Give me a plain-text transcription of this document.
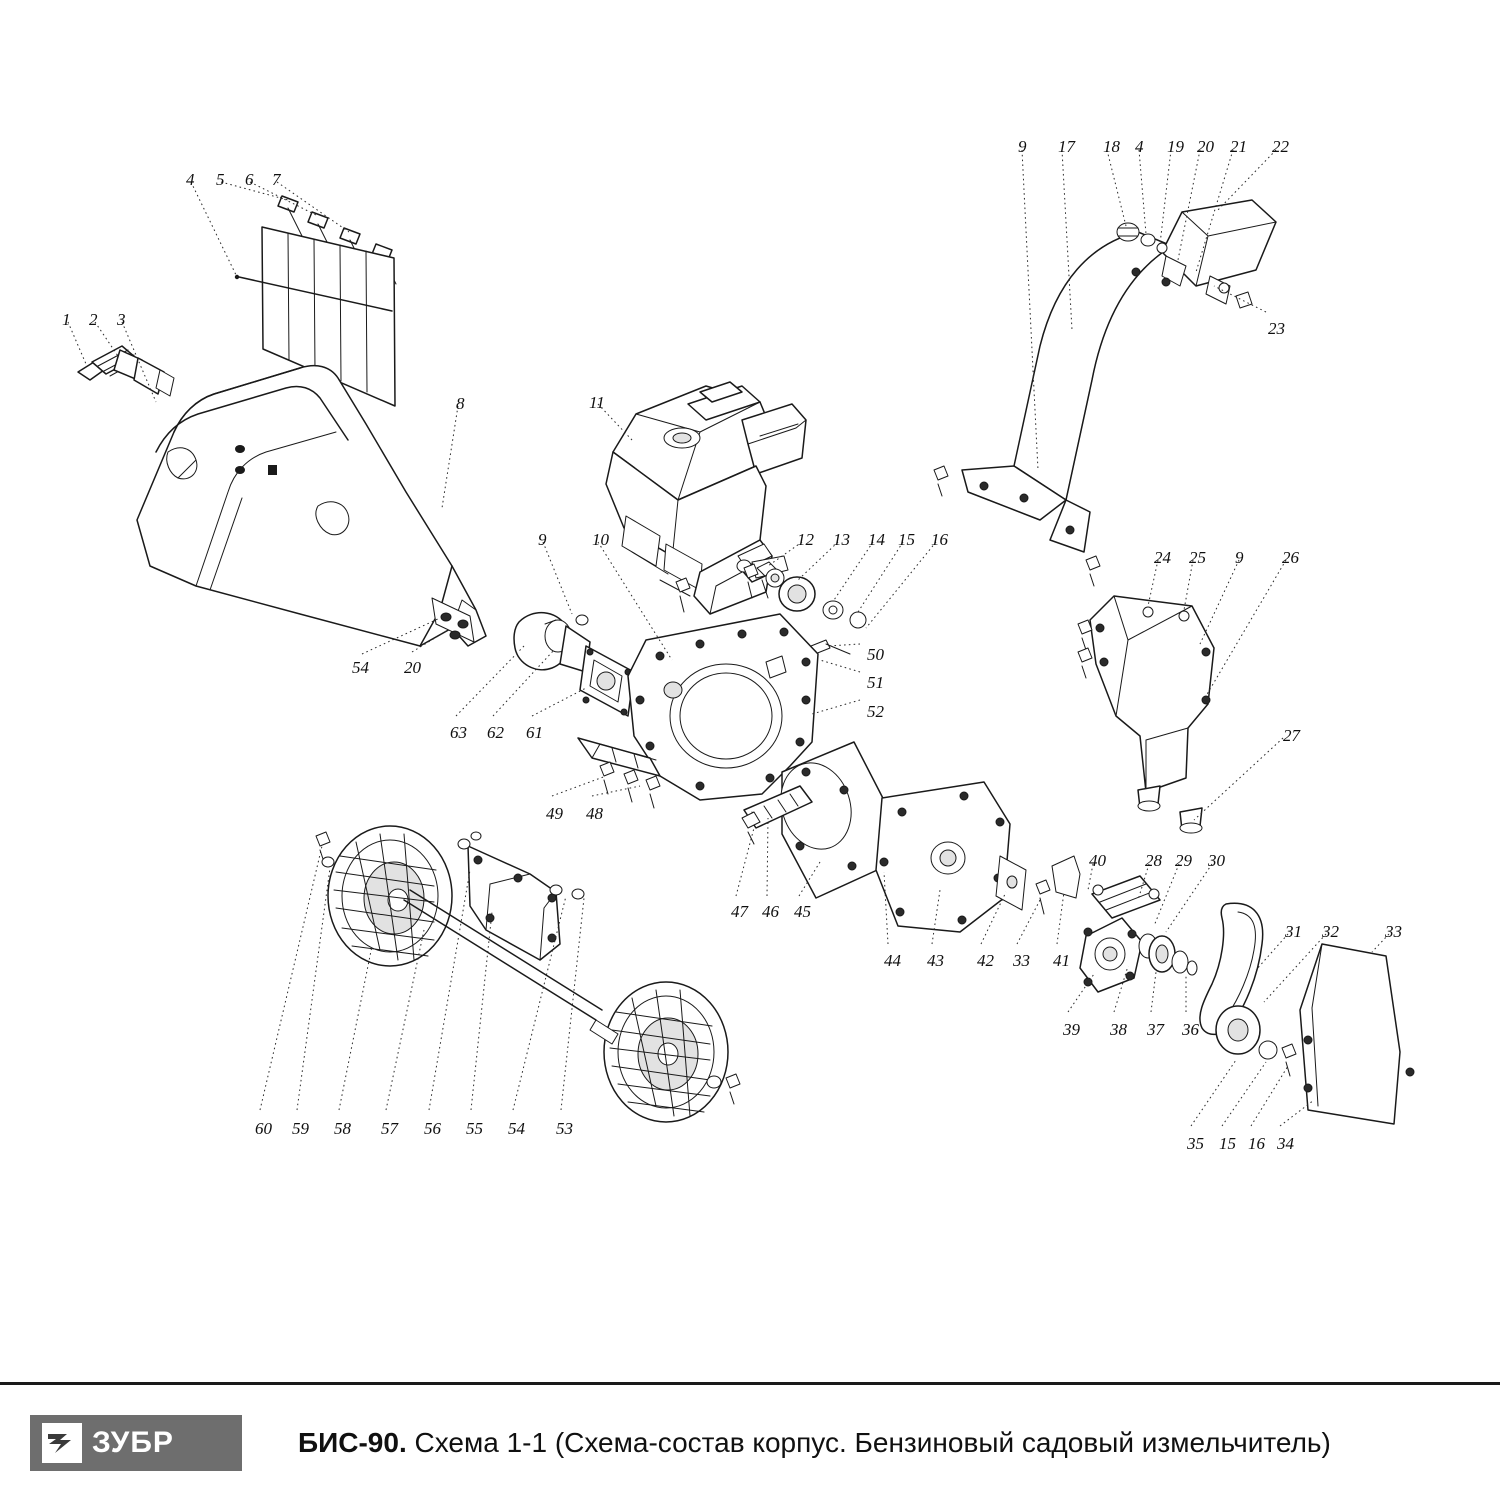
4 5 6 7
1 2 3
8	11
9 17 18 4 19 20 21 22
23
54 20
9	10	12 13 14 15 16
50
51
52
63 62 61
49 48
24 25 9 26
27
47 46 45
44 43 42 33 41
40 28 29 30
39 38 37 36
31 32	33
35 15 16 34
60 59 58 57 56 55 54 53
ЗУБР	БИС-90. Схема 1-1 (Схема-состав корпус. Бензиновый садовый измельчитель)
